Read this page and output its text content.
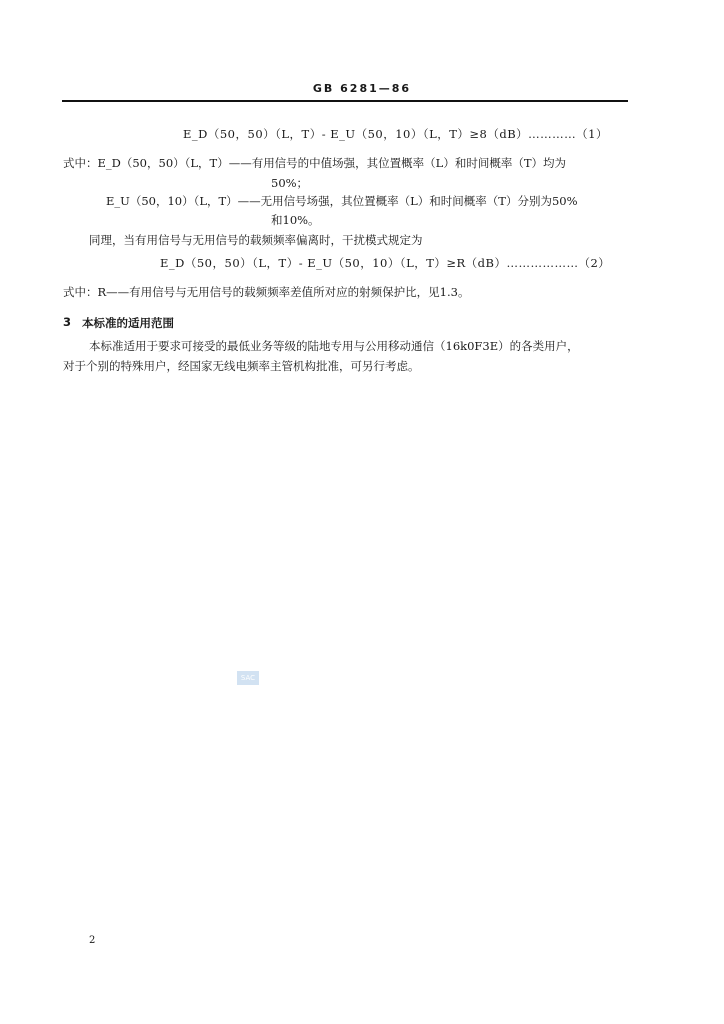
GB 6281—86
E_D（50，50）（L，T）- E_U（50，10）（L，T）≥8（dB）…………（1）
式中：E_D（50，50）（L，T）——有用信号的中值场强，其位置概率（L）和时间概率（T）均为
50%；
E_U（50，10）（L，T）——无用信号场强，其位置概率（L）和时间概率（T）分别为50%
和10%。
同理，当有用信号与无用信号的载频频率偏离时，干扰模式规定为
E_D（50，50）（L，T）- E_U（50，10）（L，T）≥R（dB）………………（2）
式中：R——有用信号与无用信号的载频频率差值所对应的射频保护比，见1.3。
3 本标准的适用范围
本标准适用于要求可接受的最低业务等级的陆地专用与公用移动通信（16k0F3E）的各类用户，
对于个别的特殊用户，经国家无线电频率主管机构批准，可另行考虑。
SAC
2
